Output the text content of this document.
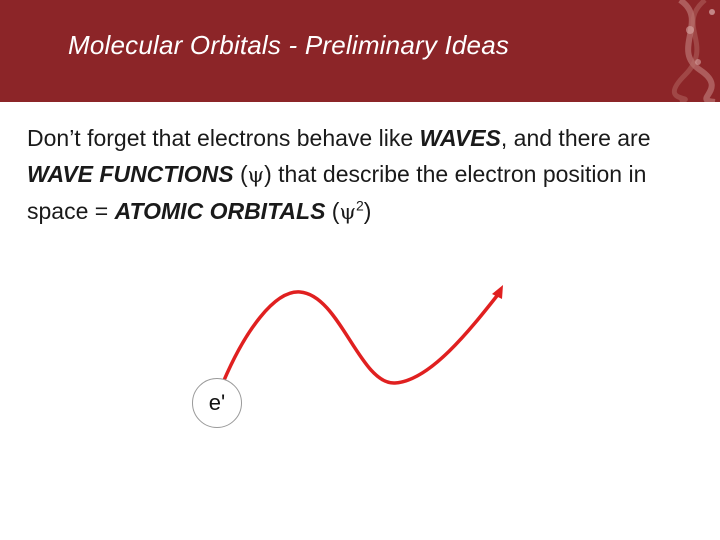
Molecular Orbitals - Preliminary Ideas
Don’t forget that electrons behave like WAVES, and there are WAVE FUNCTIONS (ψ) that describe the electron position in space = ATOMIC ORBITALS $(\psi^2)$
e'
